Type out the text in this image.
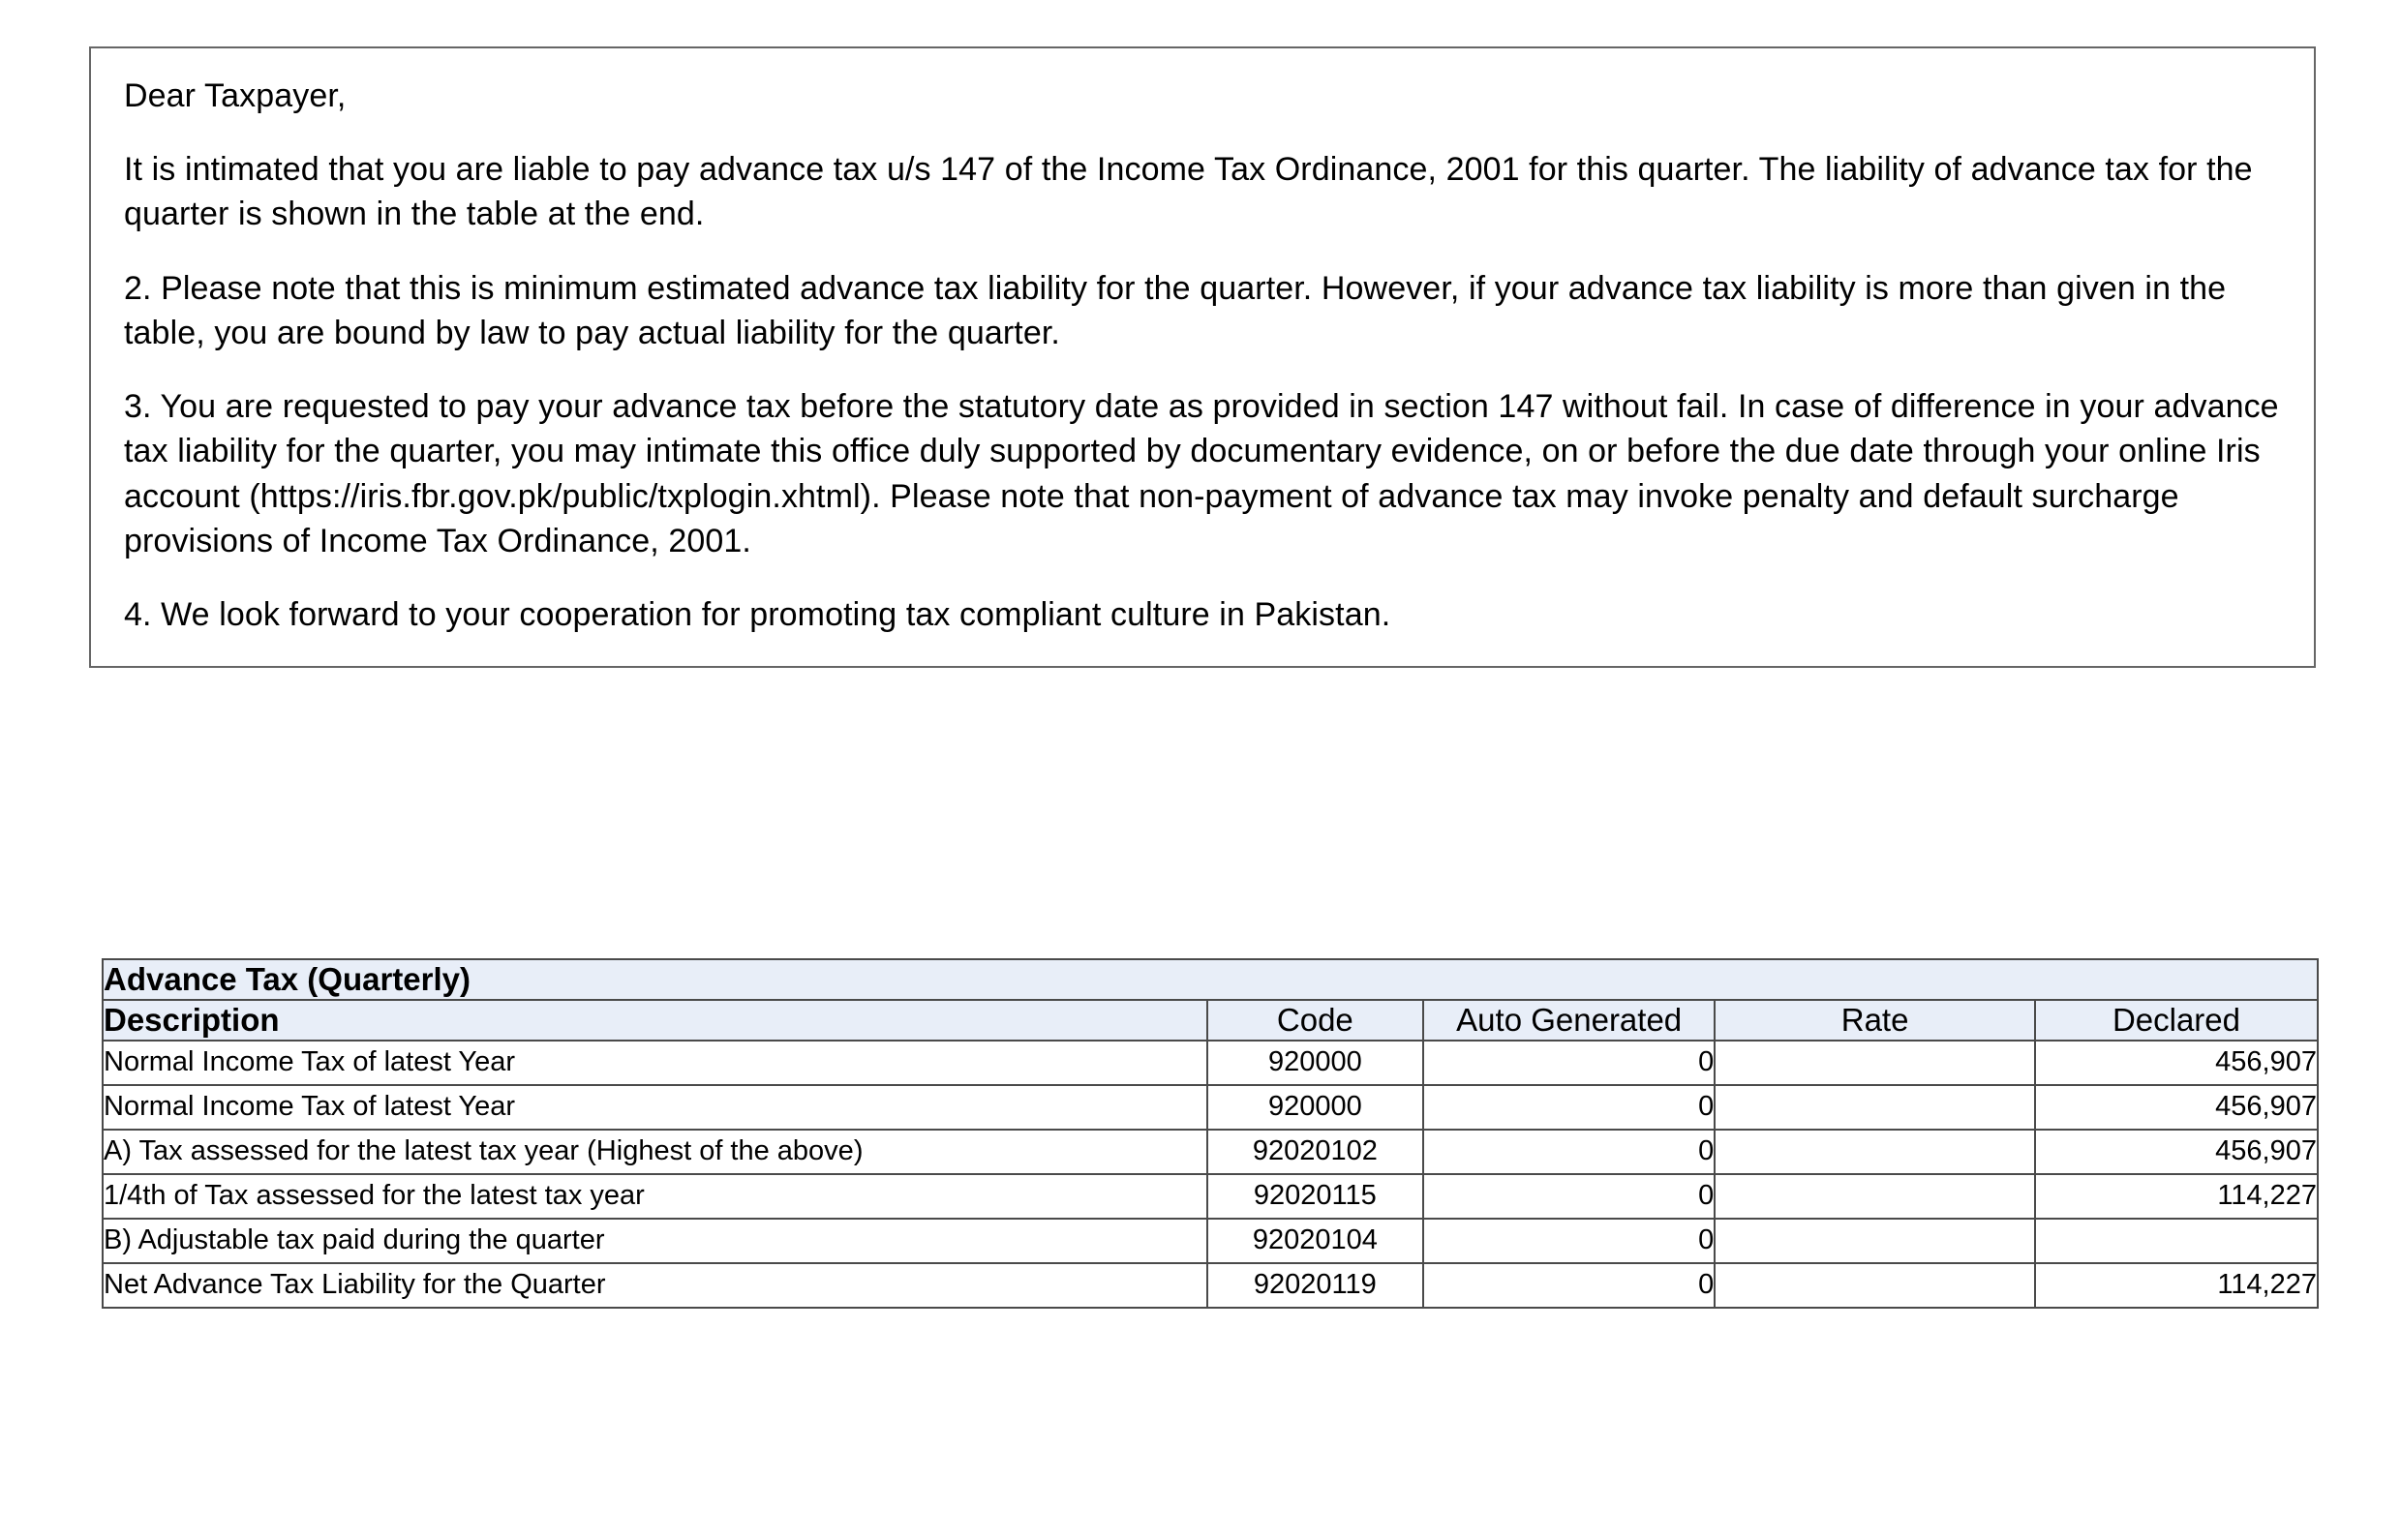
Dear Taxpayer,

It is intimated that you are liable to pay advance tax u/s 147 of the Income Tax Ordinance, 2001 for this quarter. The liability of advance tax for the quarter is shown in the table at the end.

2. Please note that this is minimum estimated advance tax liability for the quarter. However, if your advance tax liability is more than given in the table, you are bound by law to pay actual liability for the quarter.

3. You are requested to pay your advance tax before the statutory date as provided in section 147 without fail. In case of difference in your advance tax liability for the quarter, you may intimate this office duly supported by documentary evidence, on or before the due date through your online Iris account (https://iris.fbr.gov.pk/public/txplogin.xhtml). Please note that non-payment of advance tax may invoke penalty and default surcharge provisions of Income Tax Ordinance, 2001.

4. We look forward to your cooperation for promoting tax compliant culture in Pakistan.

Advance Tax (Quarterly)				
Description	Code	Auto Generated	Rate	Declared
Normal Income Tax of latest Year	920000	0		456,907
Normal Income Tax of latest Year	920000	0		456,907
A) Tax assessed for the latest tax year (Highest of the above)	92020102	0		456,907
1/4th of Tax assessed for the latest tax year	92020115	0		114,227
B) Adjustable tax paid during the quarter	92020104	0		
Net Advance Tax Liability for the Quarter	92020119	0		114,227
